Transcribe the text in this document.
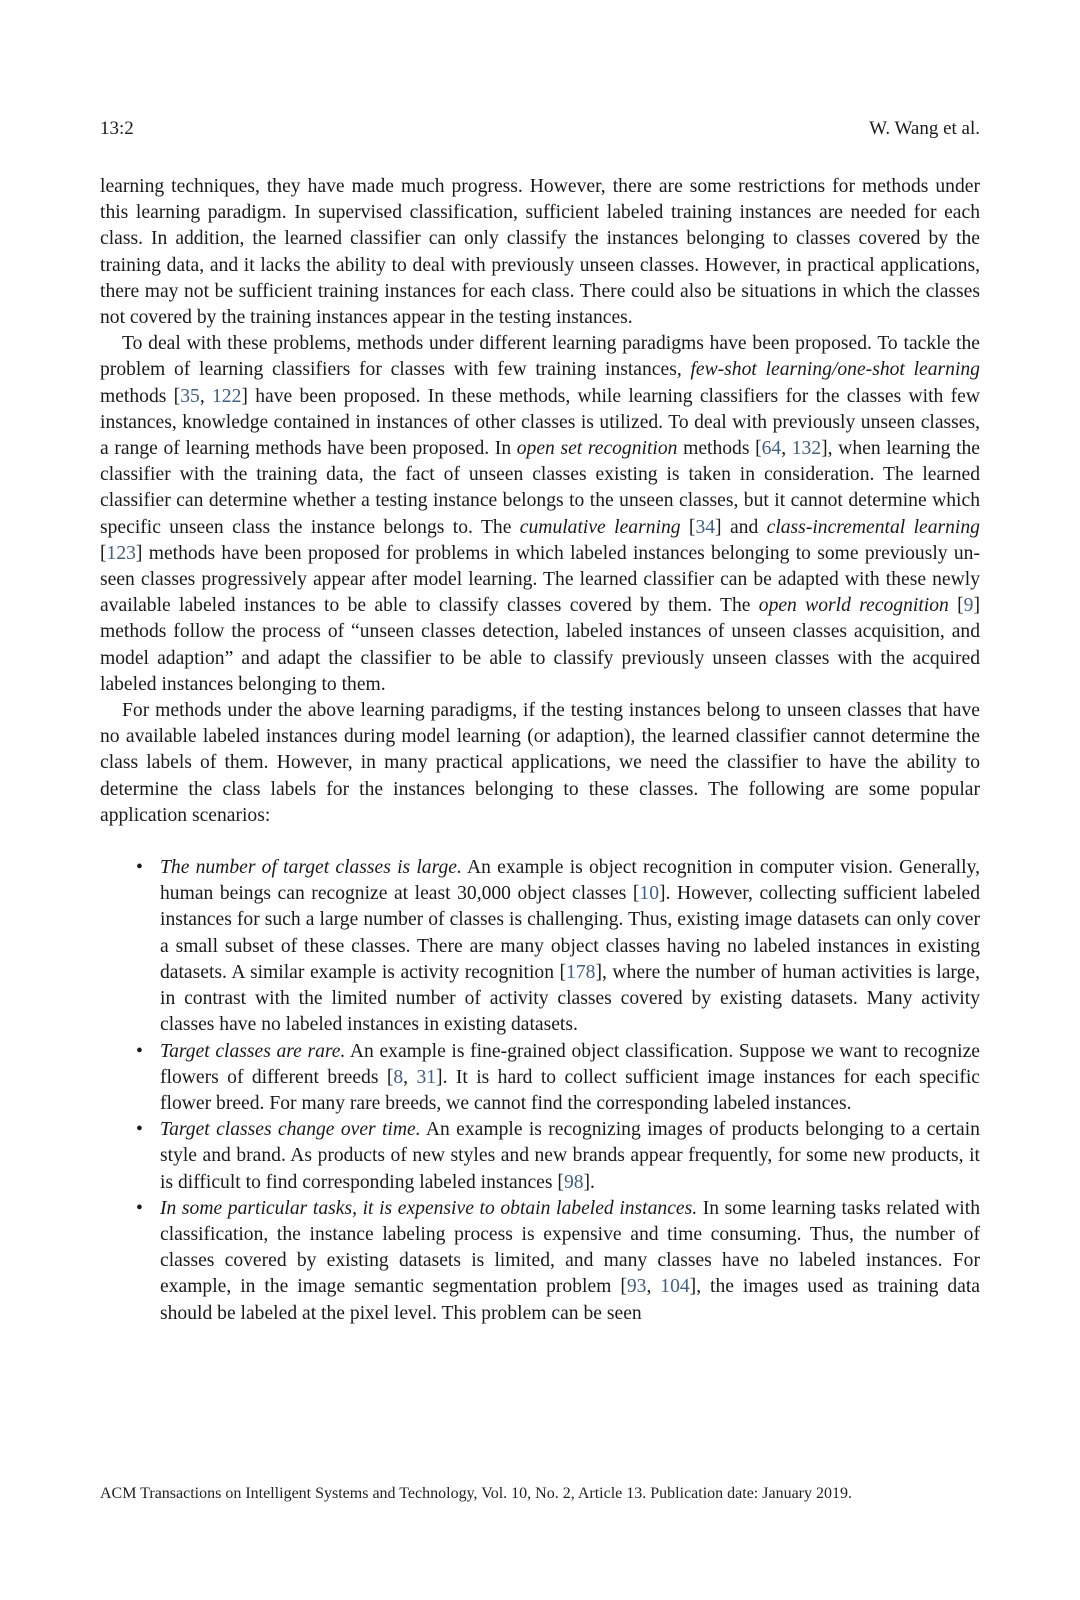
13:2	W. Wang et al.

learning techniques, they have made much progress. However, there are some restrictions for methods under this learning paradigm. In supervised classification, sufficient labeled training instances are needed for each class. In addition, the learned classifier can only classify the instances belonging to classes covered by the training data, and it lacks the ability to deal with previously unseen classes. However, in practical applications, there may not be sufficient training instances for each class. There could also be situations in which the classes not covered by the training instances appear in the testing instances.

To deal with these problems, methods under different learning paradigms have been proposed. To tackle the problem of learning classifiers for classes with few training instances, few-shot learning/one-shot learning methods [35, 122] have been proposed. In these methods, while learning classifiers for the classes with few instances, knowledge contained in instances of other classes is utilized. To deal with previously unseen classes, a range of learning methods have been proposed. In open set recognition methods [64, 132], when learning the classifier with the training data, the fact of unseen classes existing is taken in consideration. The learned classifier can determine whether a testing instance belongs to the unseen classes, but it cannot determine which specific unseen class the instance belongs to. The cumulative learning [34] and class-incremental learning [123] methods have been proposed for problems in which labeled instances belonging to some previously unseen classes progressively appear after model learning. The learned classifier can be adapted with these newly available labeled instances to be able to classify classes covered by them. The open world recognition [9] methods follow the process of “unseen classes detection, labeled instances of unseen classes acquisition, and model adaption” and adapt the classifier to be able to classify previously unseen classes with the acquired labeled instances belonging to them.

For methods under the above learning paradigms, if the testing instances belong to unseen classes that have no available labeled instances during model learning (or adaption), the learned classifier cannot determine the class labels of them. However, in many practical applications, we need the classifier to have the ability to determine the class labels for the instances belonging to these classes. The following are some popular application scenarios:

• The number of target classes is large. An example is object recognition in computer vision. Generally, human beings can recognize at least 30,000 object classes [10]. However, collecting sufficient labeled instances for such a large number of classes is challenging. Thus, existing image datasets can only cover a small subset of these classes. There are many object classes having no labeled instances in existing datasets. A similar example is activity recognition [178], where the number of human activities is large, in contrast with the limited number of activity classes covered by existing datasets. Many activity classes have no labeled instances in existing datasets.
• Target classes are rare. An example is fine-grained object classification. Suppose we want to recognize flowers of different breeds [8, 31]. It is hard to collect sufficient image instances for each specific flower breed. For many rare breeds, we cannot find the corresponding labeled instances.
• Target classes change over time. An example is recognizing images of products belonging to a certain style and brand. As products of new styles and new brands appear frequently, for some new products, it is difficult to find corresponding labeled instances [98].
• In some particular tasks, it is expensive to obtain labeled instances. In some learning tasks related with classification, the instance labeling process is expensive and time consuming. Thus, the number of classes covered by existing datasets is limited, and many classes have no labeled instances. For example, in the image semantic segmentation problem [93, 104], the images used as training data should be labeled at the pixel level. This problem can be seen
ACM Transactions on Intelligent Systems and Technology, Vol. 10, No. 2, Article 13. Publication date: January 2019.
